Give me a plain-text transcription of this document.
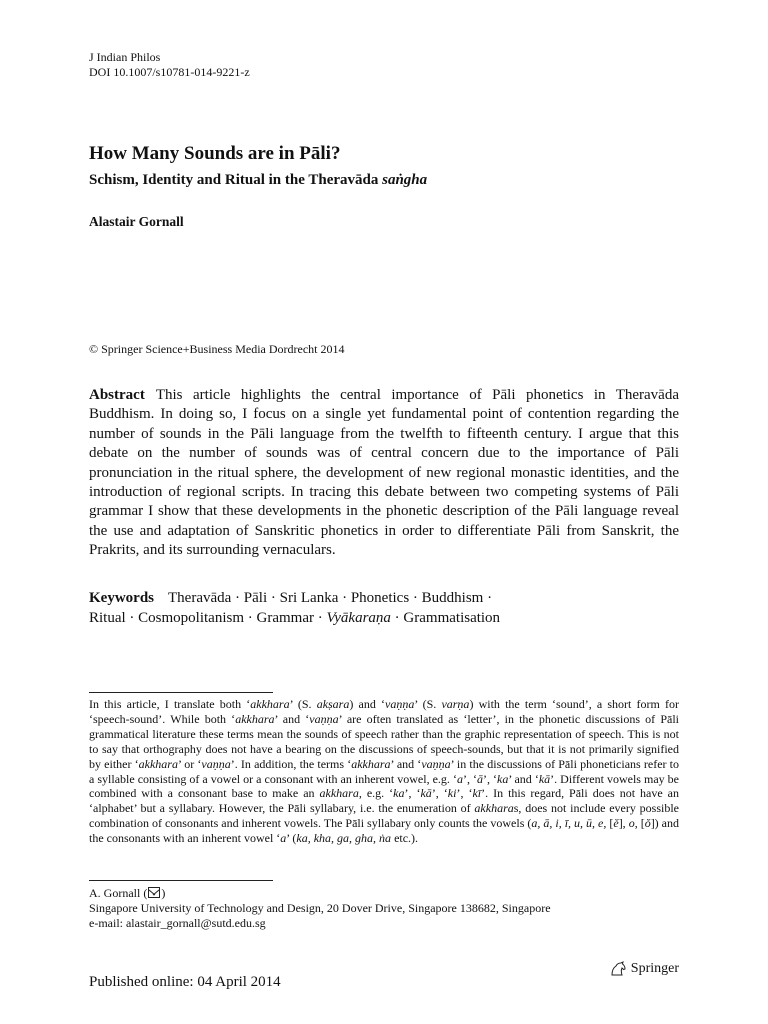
J Indian Philos
DOI 10.1007/s10781-014-9221-z
How Many Sounds are in Pāli?
Schism, Identity and Ritual in the Theravāda saṅgha

Alastair Gornall

© Springer Science+Business Media Dordrecht 2014

Abstract This article highlights the central importance of Pāli phonetics in Theravāda Buddhism. In doing so, I focus on a single yet fundamental point of contention regarding the number of sounds in the Pāli language from the twelfth to fifteenth century. I argue that this debate on the number of sounds was of central concern due to the importance of Pāli pronunciation in the ritual sphere, the development of new regional monastic identities, and the introduction of regional scripts. In tracing this debate between two competing systems of Pāli grammar I show that these developments in the phonetic description of the Pāli language reveal the use and adaptation of Sanskritic phonetics in order to differentiate Pāli from Sanskrit, the Prakrits, and its surrounding vernaculars.

Keywords Theravāda · Pāli · Sri Lanka · Phonetics · Buddhism ·
Ritual · Cosmopolitanism · Grammar · Vyākaraṇa · Grammatisation

In this article, I translate both ‘akkhara’ (S. akṣara) and ‘vaṇṇa’ (S. varṇa) with the term ‘sound’, a short form for ‘speech-sound’. While both ‘akkhara’ and ‘vaṇṇa’ are often translated as ‘letter’, in the phonetic discussions of Pāli grammatical literature these terms mean the sounds of speech rather than the graphic representation of speech. This is not to say that orthography does not have a bearing on the discussions of speech-sounds, but that it is not primarily signified by either ‘akkhara’ or ‘vaṇṇa’. In addition, the terms ‘akkhara’ and ‘vaṇṇa’ in the discussions of Pāli phoneticians refer to a syllable consisting of a vowel or a consonant with an inherent vowel, e.g. ‘a’, ‘ā’, ‘ka’ and ‘kā’. Different vowels may be combined with a consonant base to make an akkhara, e.g. ‘ka’, ‘kā’, ‘ki’, ‘kī’. In this regard, Pāli does not have an ‘alphabet’ but a syllabary. However, the Pāli syllabary, i.e. the enumeration of akkharas, does not include every possible combination of consonants and inherent vowels. The Pāli syllabary only counts the vowels (a, ā, i, ī, u, ū, e, [ĕ], o, [ŏ]) and the consonants with an inherent vowel ‘a’ (ka, kha, ga, gha, ṅa etc.).

A. Gornall ( )
Singapore University of Technology and Design, 20 Dover Drive, Singapore 138682, Singapore
e-mail: alastair_gornall@sutd.edu.sg
Published online: 04 April 2014
Springer
